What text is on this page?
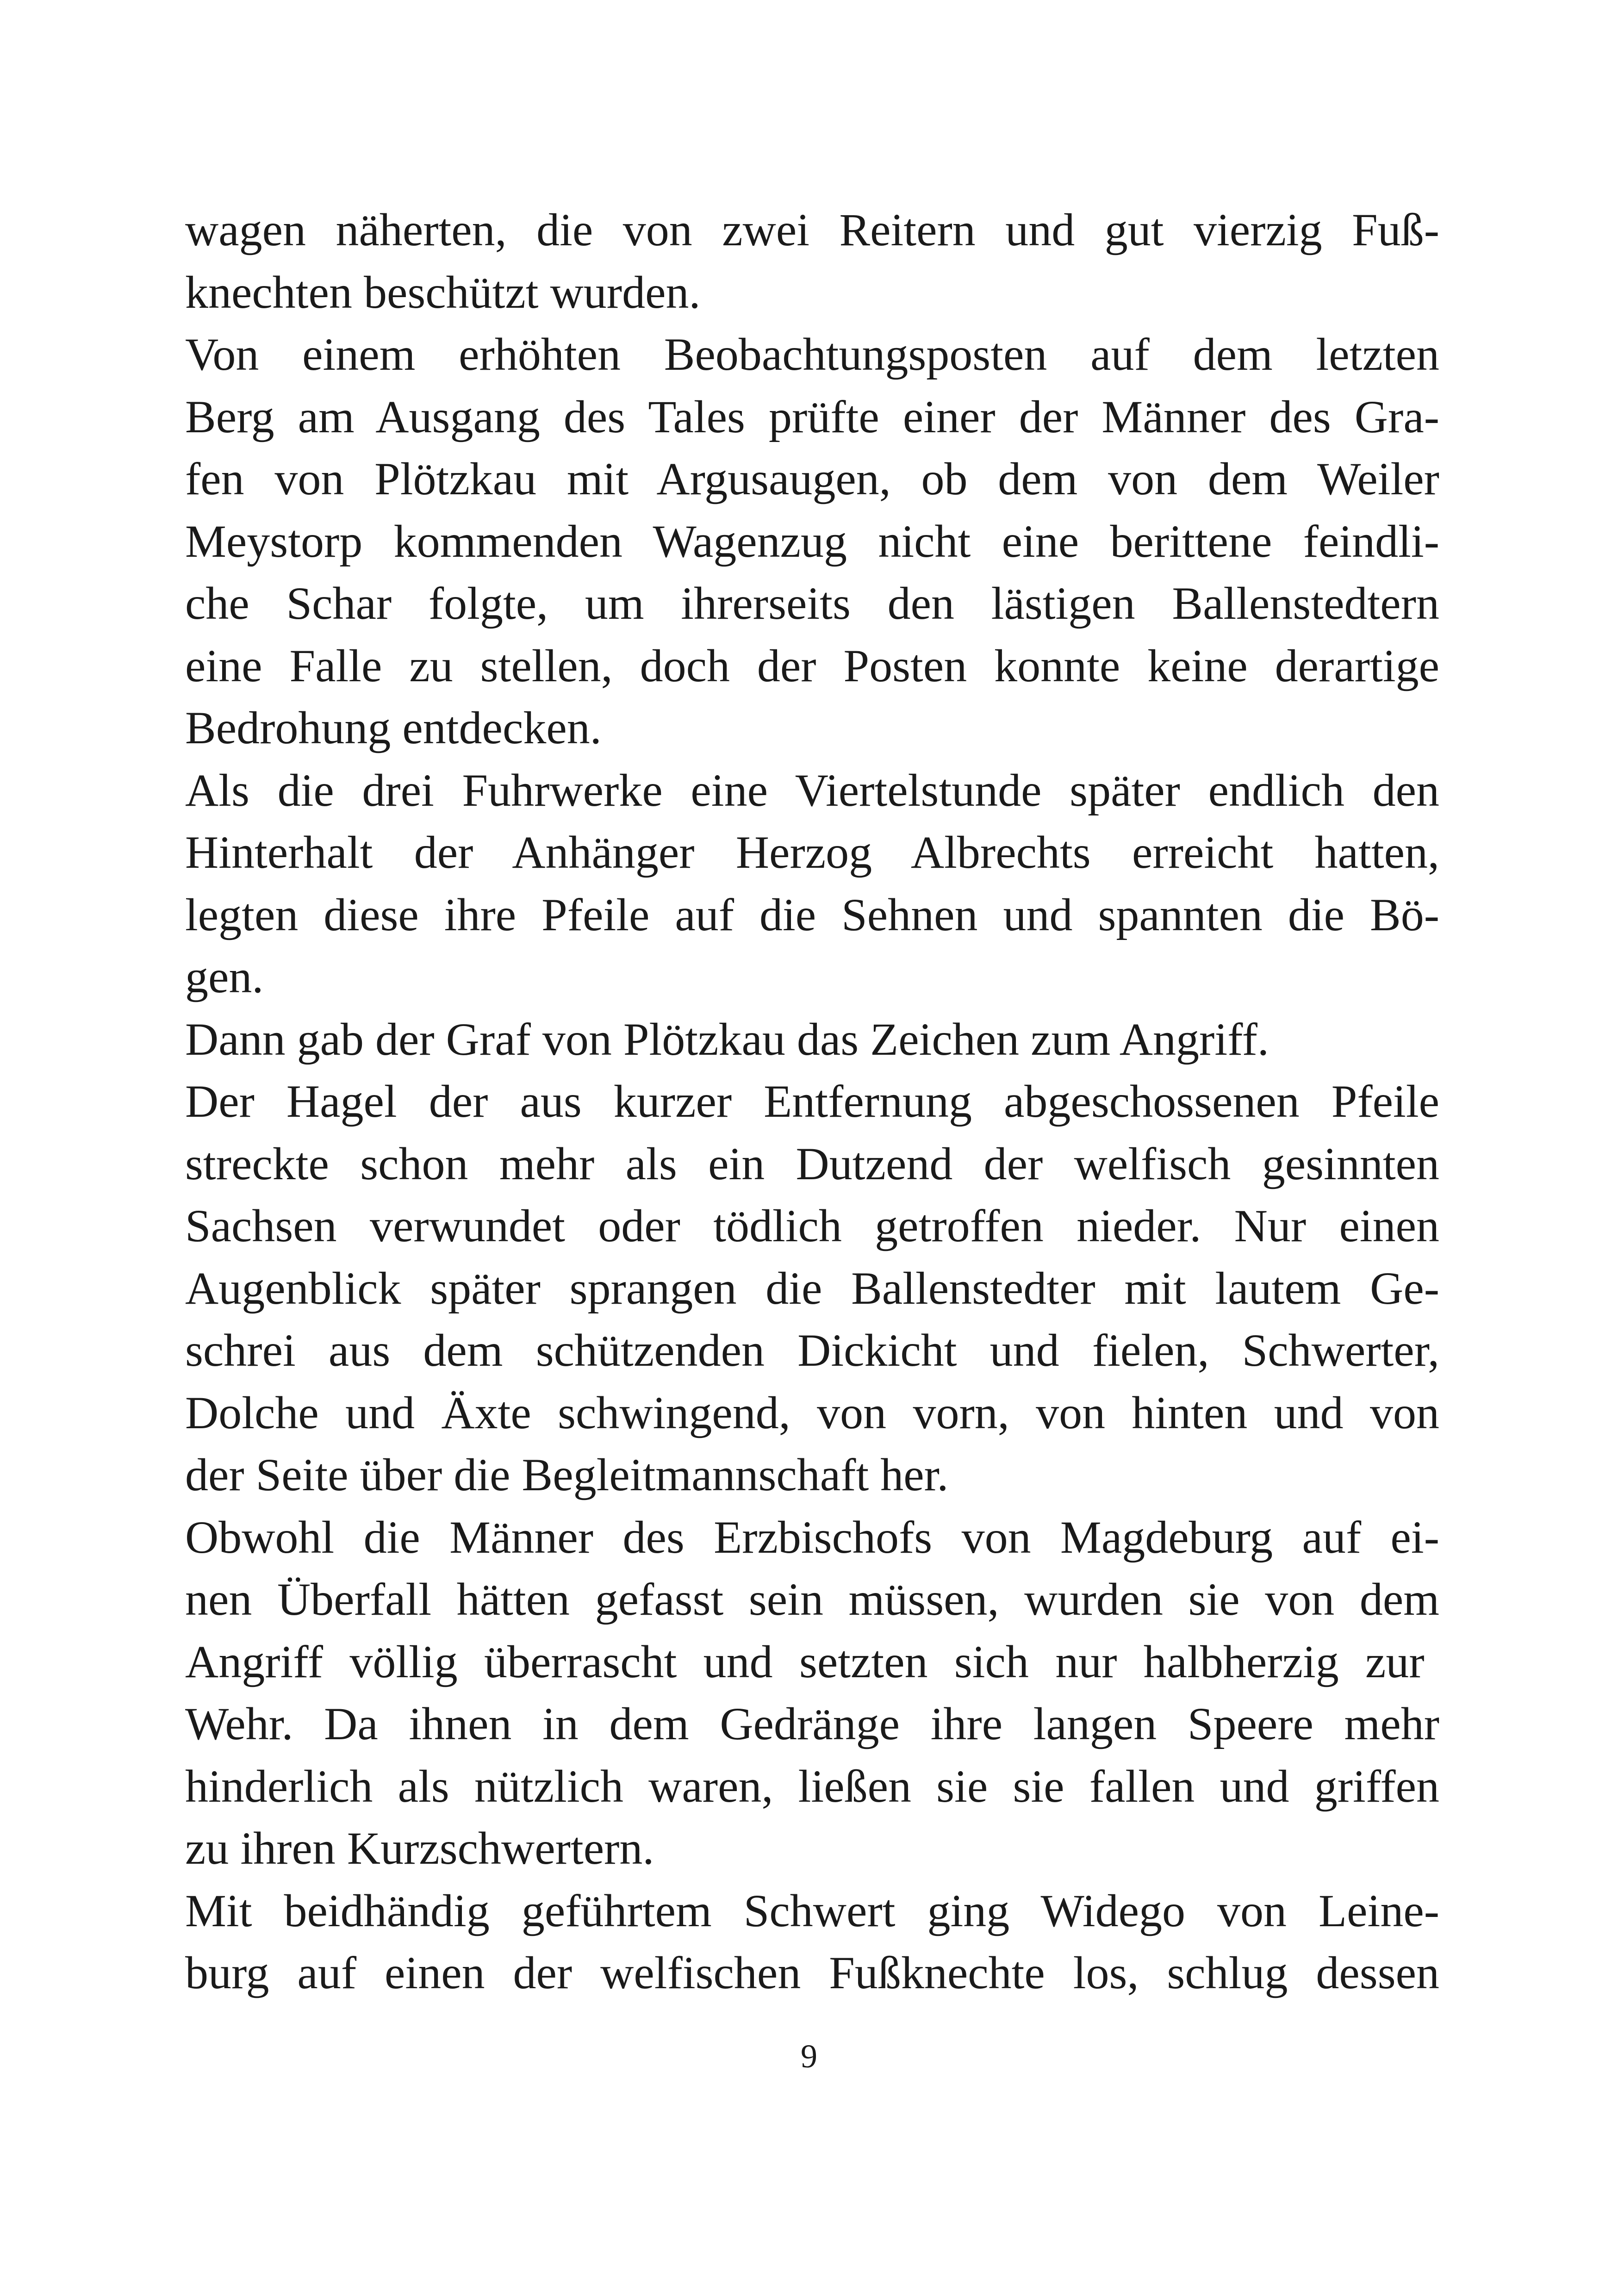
wagen näherten, die von zwei Reitern und gut vierzig Fuß-
knechten beschützt wurden.
Von einem erhöhten Beobachtungsposten auf dem letzten
Berg am Ausgang des Tales prüfte einer der Männer des Gra-
fen von Plötzkau mit Argusaugen, ob dem von dem Weiler
Meystorp kommenden Wagenzug nicht eine berittene feindli-
che Schar folgte, um ihrerseits den lästigen Ballenstedtern
eine Falle zu stellen, doch der Posten konnte keine derartige
Bedrohung entdecken.
Als die drei Fuhrwerke eine Viertelstunde später endlich den
Hinterhalt der Anhänger Herzog Albrechts erreicht hatten,
legten diese ihre Pfeile auf die Sehnen und spannten die Bö-
gen.
Dann gab der Graf von Plötzkau das Zeichen zum Angriff.
Der Hagel der aus kurzer Entfernung abgeschossenen Pfeile
streckte schon mehr als ein Dutzend der welfisch gesinnten
Sachsen verwundet oder tödlich getroffen nieder. Nur einen
Augenblick später sprangen die Ballenstedter mit lautem Ge-
schrei aus dem schützenden Dickicht und fielen, Schwerter,
Dolche und Äxte schwingend, von vorn, von hinten und von
der Seite über die Begleitmannschaft her.
Obwohl die Männer des Erzbischofs von Magdeburg auf ei-
nen Überfall hätten gefasst sein müssen, wurden sie von dem
Angriff völlig überrascht und setzten sich nur halbherzig zur
Wehr. Da ihnen in dem Gedränge ihre langen Speere mehr
hinderlich als nützlich waren, ließen sie sie fallen und griffen
zu ihren Kurzschwertern.
Mit beidhändig geführtem Schwert ging Widego von Leine-
burg auf einen der welfischen Fußknechte los, schlug dessen
9
